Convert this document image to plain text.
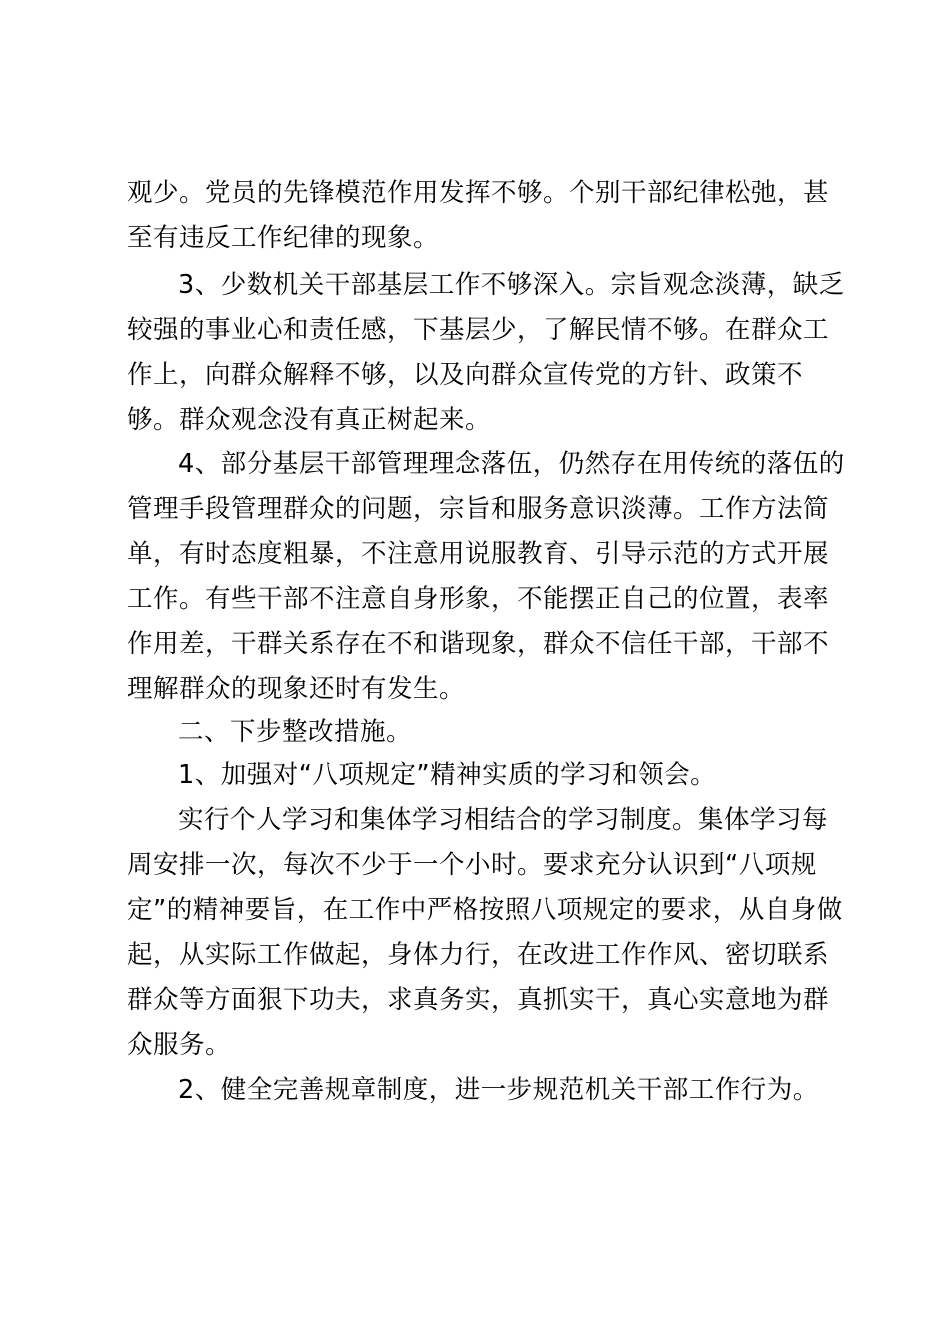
观少。党员的先锋模范作用发挥不够。个别干部纪律松弛，甚
至有违反工作纪律的现象。
3、少数机关干部基层工作不够深入。宗旨观念淡薄，缺乏
较强的事业心和责任感，下基层少，了解民情不够。在群众工
作上，向群众解释不够，以及向群众宣传党的方针、政策不
够。群众观念没有真正树起来。
4、部分基层干部管理理念落伍，仍然存在用传统的落伍的
管理手段管理群众的问题，宗旨和服务意识淡薄。工作方法简
单，有时态度粗暴，不注意用说服教育、引导示范的方式开展
工作。有些干部不注意自身形象，不能摆正自己的位置，表率
作用差，干群关系存在不和谐现象，群众不信任干部，干部不
理解群众的现象还时有发生。
二、下步整改措施。
1、加强对“八项规定”精神实质的学习和领会。
实行个人学习和集体学习相结合的学习制度。集体学习每
周安排一次，每次不少于一个小时。要求充分认识到“八项规
定”的精神要旨，在工作中严格按照八项规定的要求，从自身做
起，从实际工作做起，身体力行，在改进工作作风、密切联系
群众等方面狠下功夫，求真务实，真抓实干，真心实意地为群
众服务。
2、健全完善规章制度，进一步规范机关干部工作行为。
